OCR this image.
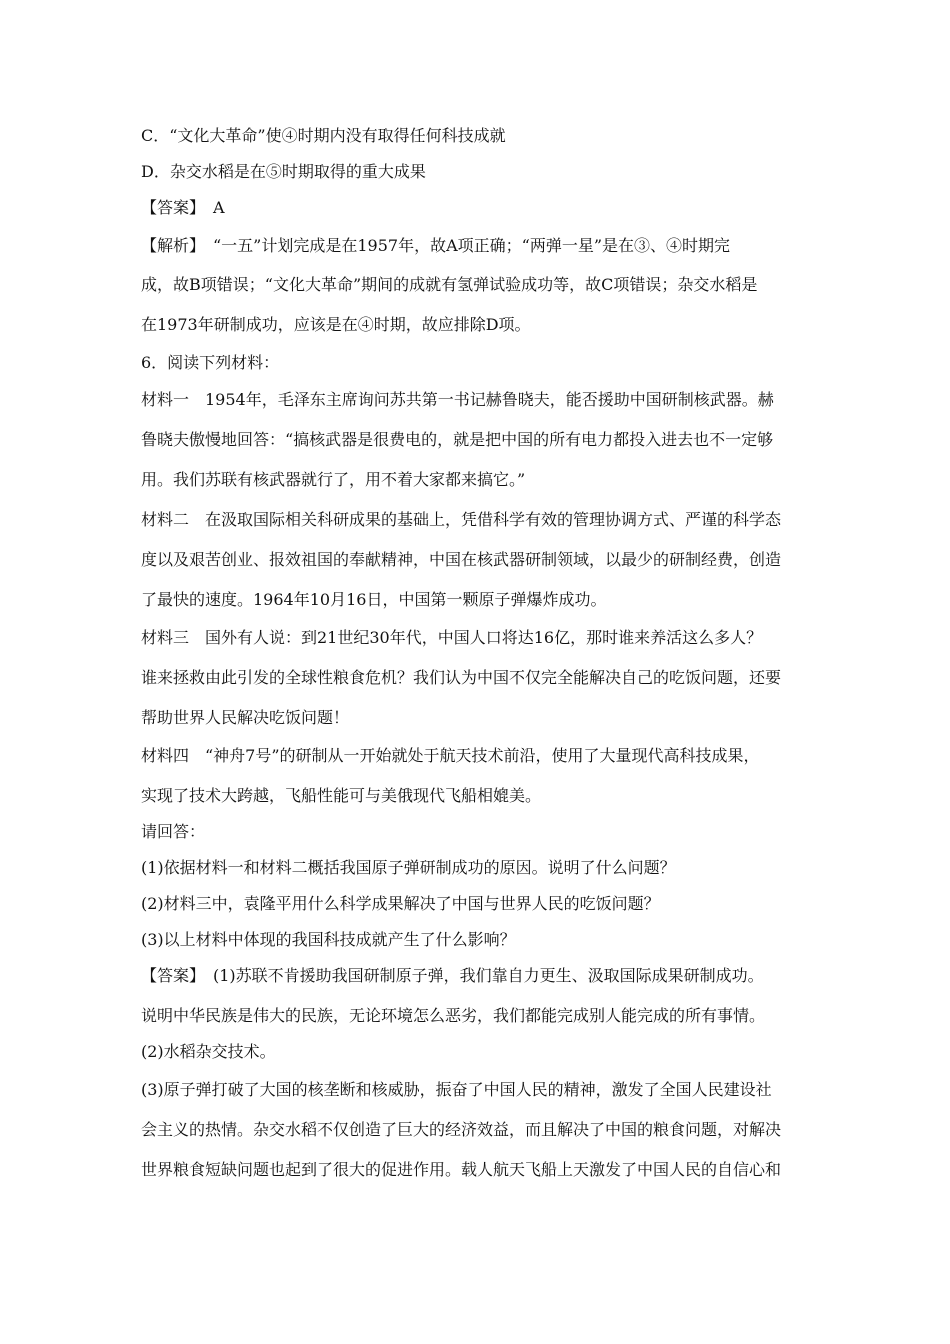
C．“文化大革命”使④时期内没有取得任何科技成就
D．杂交水稻是在⑤时期取得的重大成果
【答案】　A
【解析】　“一五”计划完成是在1957年，故A项正确；“两弹一星”是在③、④时期完
成，故B项错误；“文化大革命”期间的成就有氢弹试验成功等，故C项错误；杂交水稻是
在1973年研制成功，应该是在④时期，故应排除D项。
6．阅读下列材料：
材料一　1954年，毛泽东主席询问苏共第一书记赫鲁晓夫，能否援助中国研制核武器。赫
鲁晓夫傲慢地回答：“搞核武器是很费电的，就是把中国的所有电力都投入进去也不一定够
用。我们苏联有核武器就行了，用不着大家都来搞它。”
材料二　在汲取国际相关科研成果的基础上，凭借科学有效的管理协调方式、严谨的科学态
度以及艰苦创业、报效祖国的奉献精神，中国在核武器研制领域，以最少的研制经费，创造
了最快的速度。1964年10月16日，中国第一颗原子弹爆炸成功。
材料三　国外有人说：到21世纪30年代，中国人口将达16亿，那时谁来养活这么多人？
谁来拯救由此引发的全球性粮食危机？我们认为中国不仅完全能解决自己的吃饭问题，还要
帮助世界人民解决吃饭问题！
材料四　“神舟7号”的研制从一开始就处于航天技术前沿，使用了大量现代高科技成果，
实现了技术大跨越，飞船性能可与美俄现代飞船相媲美。
请回答：
(1)依据材料一和材料二概括我国原子弹研制成功的原因。说明了什么问题？
(2)材料三中，袁隆平用什么科学成果解决了中国与世界人民的吃饭问题？
(3)以上材料中体现的我国科技成就产生了什么影响？
【答案】　(1)苏联不肯援助我国研制原子弹，我们靠自力更生、汲取国际成果研制成功。
说明中华民族是伟大的民族，无论环境怎么恶劣，我们都能完成别人能完成的所有事情。
(2)水稻杂交技术。
(3)原子弹打破了大国的核垄断和核威胁，振奋了中国人民的精神，激发了全国人民建设社
会主义的热情。杂交水稻不仅创造了巨大的经济效益，而且解决了中国的粮食问题，对解决
世界粮食短缺问题也起到了很大的促进作用。载人航天飞船上天激发了中国人民的自信心和
